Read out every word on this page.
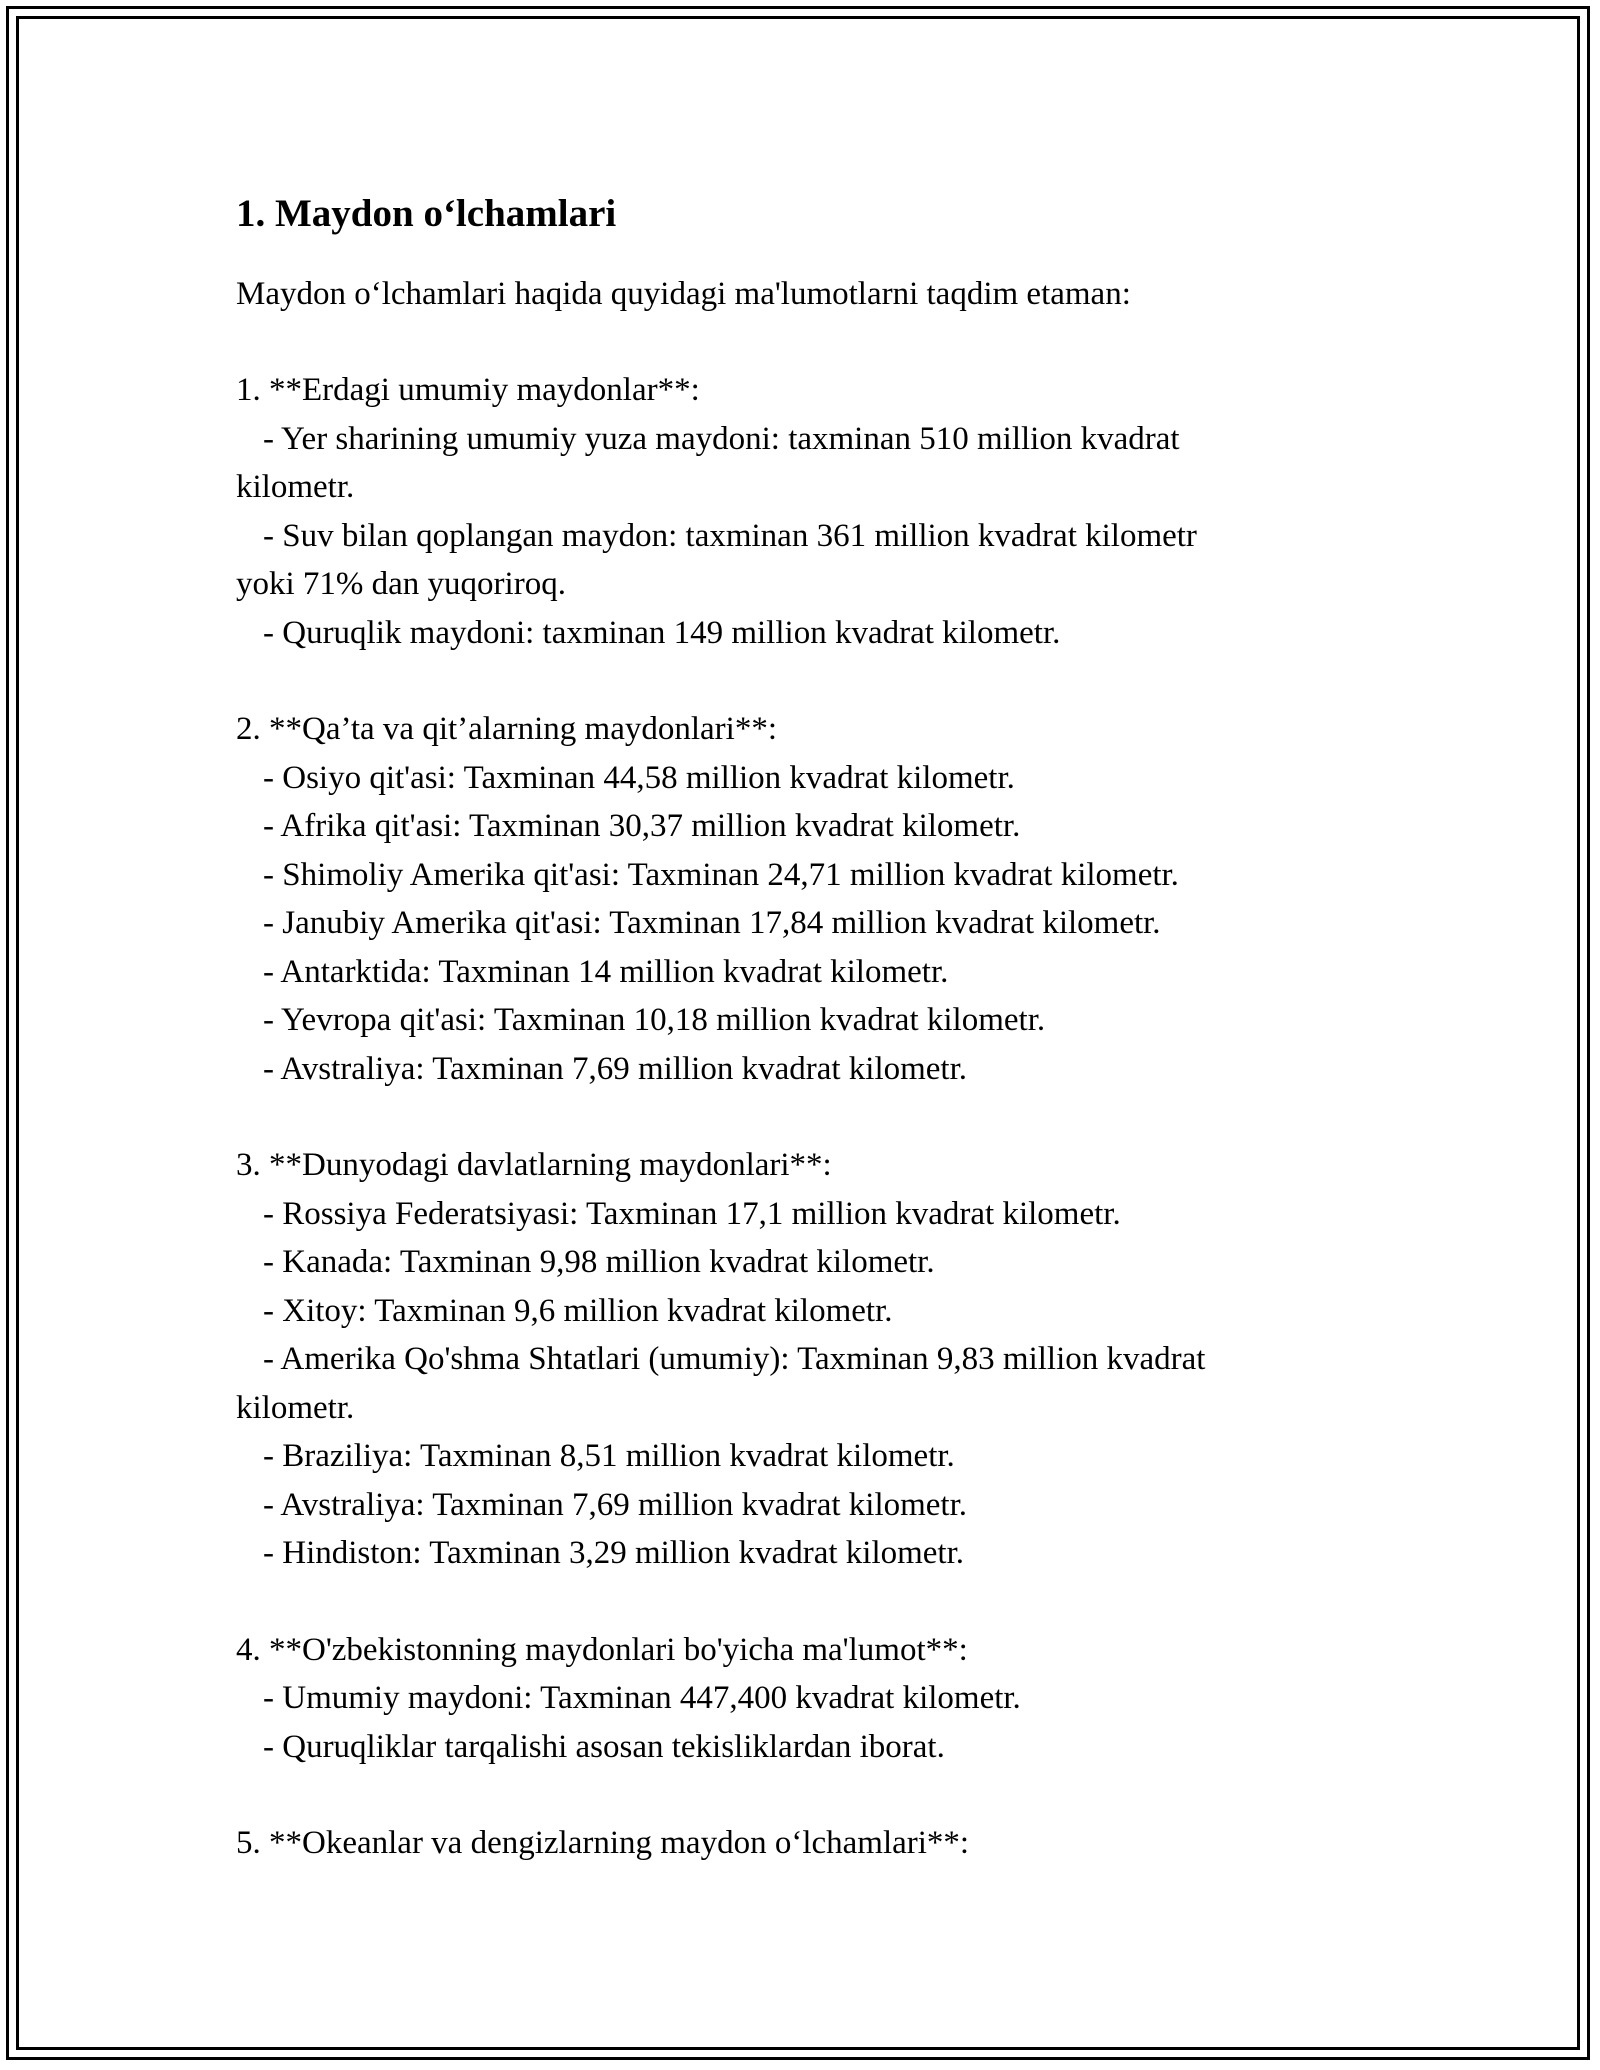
1. Maydon o‘lchamlari

Maydon o‘lchamlari haqida quyidagi ma'lumotlarni taqdim etaman:

1. **Erdagi umumiy maydonlar**:

- Yer sharining umumiy yuza maydoni: taxminan 510 million kvadrat

kilometr.

- Suv bilan qoplangan maydon: taxminan 361 million kvadrat kilometr

yoki 71% dan yuqoriroq.

- Quruqlik maydoni: taxminan 149 million kvadrat kilometr.

2. **Qa’ta va qit’alarning maydonlari**:

- Osiyo qit'asi: Taxminan 44,58 million kvadrat kilometr.

- Afrika qit'asi: Taxminan 30,37 million kvadrat kilometr.

- Shimoliy Amerika qit'asi: Taxminan 24,71 million kvadrat kilometr.

- Janubiy Amerika qit'asi: Taxminan 17,84 million kvadrat kilometr.

- Antarktida: Taxminan 14 million kvadrat kilometr.

- Yevropa qit'asi: Taxminan 10,18 million kvadrat kilometr.

- Avstraliya: Taxminan 7,69 million kvadrat kilometr.

3. **Dunyodagi davlatlarning maydonlari**:

- Rossiya Federatsiyasi: Taxminan 17,1 million kvadrat kilometr.

- Kanada: Taxminan 9,98 million kvadrat kilometr.

- Xitoy: Taxminan 9,6 million kvadrat kilometr.

- Amerika Qo'shma Shtatlari (umumiy): Taxminan 9,83 million kvadrat

kilometr.

- Braziliya: Taxminan 8,51 million kvadrat kilometr.

- Avstraliya: Taxminan 7,69 million kvadrat kilometr.

- Hindiston: Taxminan 3,29 million kvadrat kilometr.

4. **O'zbekistonning maydonlari bo'yicha ma'lumot**:

- Umumiy maydoni: Taxminan 447,400 kvadrat kilometr.

- Quruqliklar tarqalishi asosan tekisliklardan iborat.

5. **Okeanlar va dengizlarning maydon o‘lchamlari**:
